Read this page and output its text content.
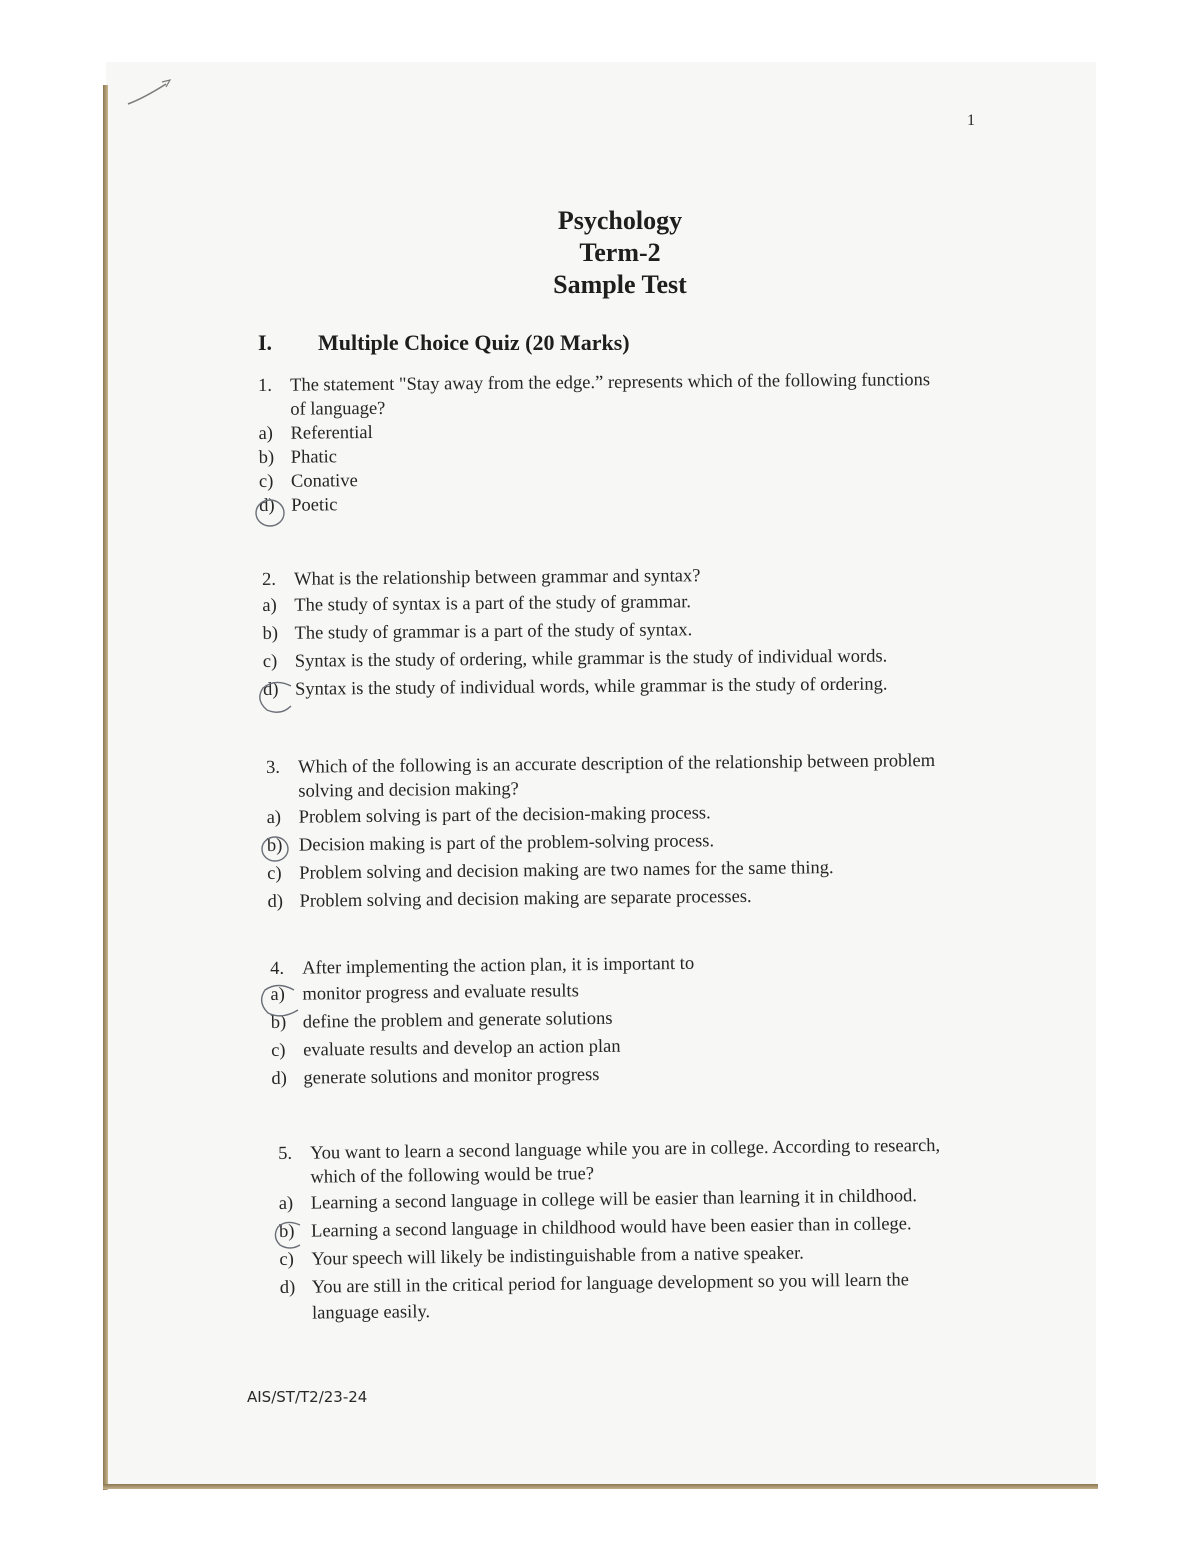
1
Psychology
Term-2
Sample Test
I. Multiple Choice Quiz (20 Marks)
1. The statement "Stay away from the edge.” represents which of the following functions
of language?
a) Referential
b) Phatic
c) Conative
d) Poetic
2. What is the relationship between grammar and syntax?
a) The study of syntax is a part of the study of grammar.
b) The study of grammar is a part of the study of syntax.
c) Syntax is the study of ordering, while grammar is the study of individual words.
d) Syntax is the study of individual words, while grammar is the study of ordering.
3. Which of the following is an accurate description of the relationship between problem
solving and decision making?
a) Problem solving is part of the decision-making process.
b) Decision making is part of the problem-solving process.
c) Problem solving and decision making are two names for the same thing.
d) Problem solving and decision making are separate processes.
4. After implementing the action plan, it is important to
a) monitor progress and evaluate results
b) define the problem and generate solutions
c) evaluate results and develop an action plan
d) generate solutions and monitor progress
5. You want to learn a second language while you are in college. According to research,
which of the following would be true?
a) Learning a second language in college will be easier than learning it in childhood.
b) Learning a second language in childhood would have been easier than in college.
c) Your speech will likely be indistinguishable from a native speaker.
d) You are still in the critical period for language development so you will learn the
language easily.
AIS/ST/T2/23-24
